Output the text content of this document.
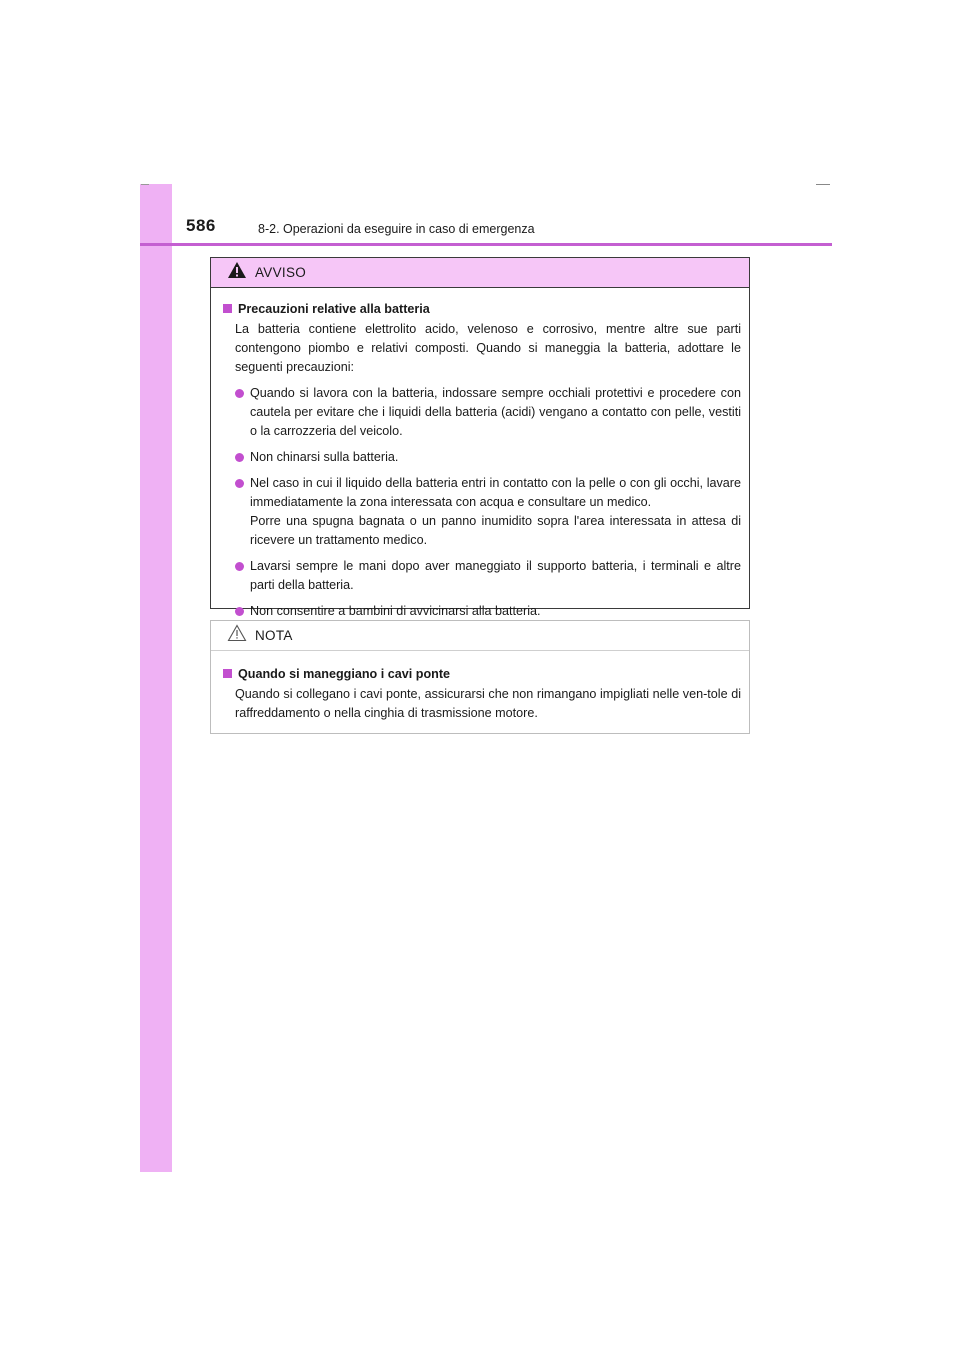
586	8-2. Operazioni da eseguire in caso di emergenza
AVVISO
Precauzioni relative alla batteria
La batteria contiene elettrolito acido, velenoso e corrosivo, mentre altre sue parti contengono piombo e relativi composti. Quando si maneggia la batteria, adottare le seguenti precauzioni:
Quando si lavora con la batteria, indossare sempre occhiali protettivi e procedere con cautela per evitare che i liquidi della batteria (acidi) vengano a contatto con pelle, vestiti o la carrozzeria del veicolo.
Non chinarsi sulla batteria.
Nel caso in cui il liquido della batteria entri in contatto con la pelle o con gli occhi, lavare immediatamente la zona interessata con acqua e consultare un medico.
Porre una spugna bagnata o un panno inumidito sopra l'area interessata in attesa di ricevere un trattamento medico.
Lavarsi sempre le mani dopo aver maneggiato il supporto batteria, i terminali e altre parti della batteria.
Non consentire a bambini di avvicinarsi alla batteria.
NOTA
Quando si maneggiano i cavi ponte
Quando si collegano i cavi ponte, assicurarsi che non rimangano impigliati nelle ven-tole di raffreddamento o nella cinghia di trasmissione motore.
